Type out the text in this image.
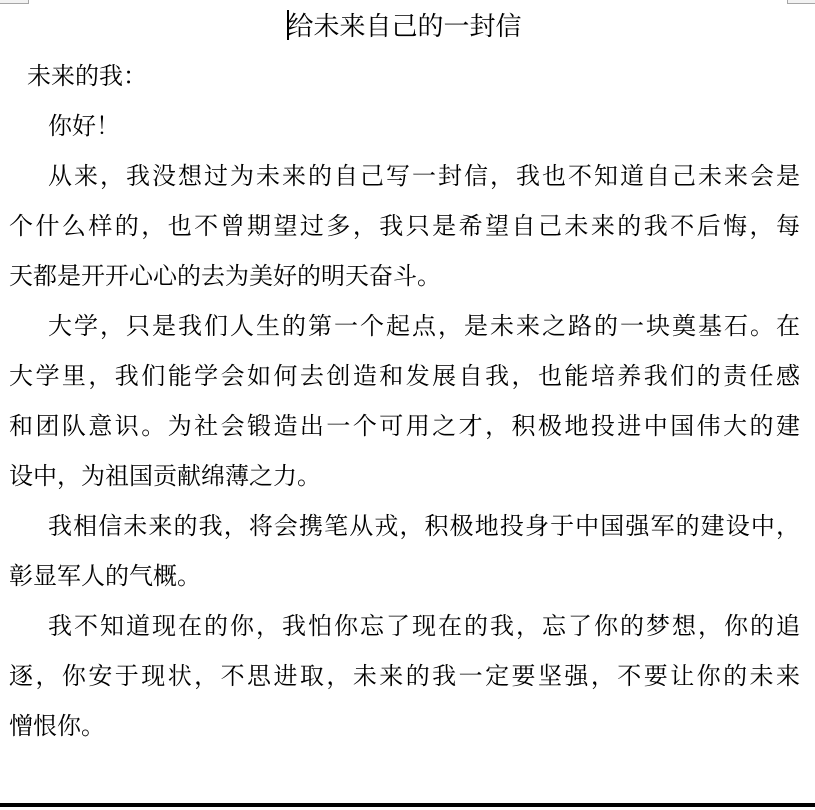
给未来自己的一封信
未来的我：
你好！
从来，我没想过为未来的自己写一封信，我也不知道自己未来会是
个什么样的，也不曾期望过多，我只是希望自己未来的我不后悔，每
天都是开开心心的去为美好的明天奋斗。
大学，只是我们人生的第一个起点，是未来之路的一块奠基石。在
大学里，我们能学会如何去创造和发展自我，也能培养我们的责任感
和团队意识。为社会锻造出一个可用之才，积极地投进中国伟大的建
设中，为祖国贡献绵薄之力。
我相信未来的我，将会携笔从戎，积极地投身于中国强军的建设中，
彰显军人的气概。
我不知道现在的你，我怕你忘了现在的我，忘了你的梦想，你的追
逐，你安于现状，不思进取，未来的我一定要坚强，不要让你的未来
憎恨你。
